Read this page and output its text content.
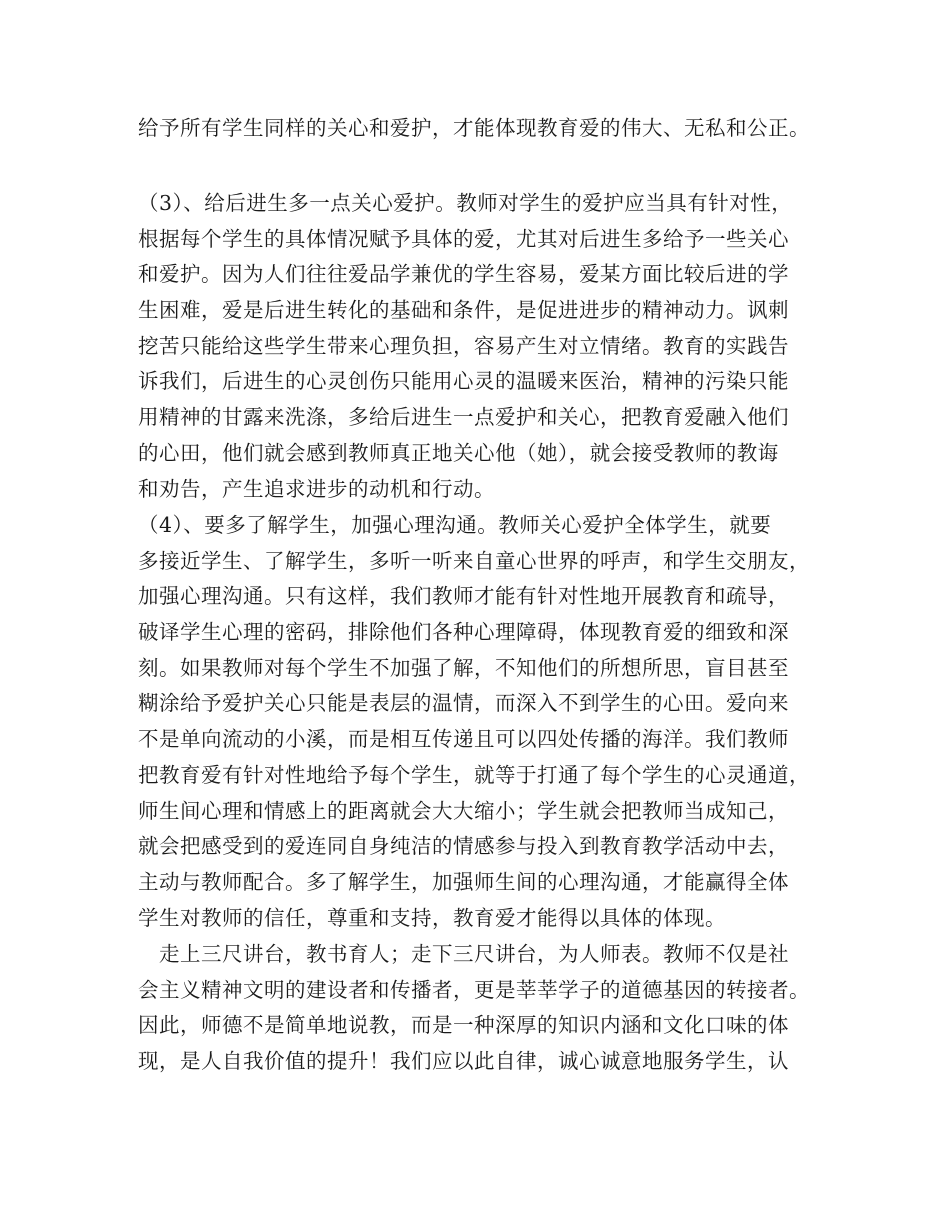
给予所有学生同样的关心和爱护，才能体现教育爱的伟大、无私和公正。
（3）、给后进生多一点关心爱护。教师对学生的爱护应当具有针对性，
根据每个学生的具体情况赋予具体的爱，尤其对后进生多给予一些关心
和爱护。因为人们往往爱品学兼优的学生容易，爱某方面比较后进的学
生困难，爱是后进生转化的基础和条件，是促进进步的精神动力。讽刺
挖苦只能给这些学生带来心理负担，容易产生对立情绪。教育的实践告
诉我们，后进生的心灵创伤只能用心灵的温暖来医治，精神的污染只能
用精神的甘露来洗涤，多给后进生一点爱护和关心，把教育爱融入他们
的心田，他们就会感到教师真正地关心他（她），就会接受教师的教诲
和劝告，产生追求进步的动机和行动。
（4）、要多了解学生，加强心理沟通。教师关心爱护全体学生，就要
多接近学生、了解学生，多听一听来自童心世界的呼声，和学生交朋友，
加强心理沟通。只有这样，我们教师才能有针对性地开展教育和疏导，
破译学生心理的密码，排除他们各种心理障碍，体现教育爱的细致和深
刻。如果教师对每个学生不加强了解，不知他们的所想所思，盲目甚至
糊涂给予爱护关心只能是表层的温情，而深入不到学生的心田。爱向来
不是单向流动的小溪，而是相互传递且可以四处传播的海洋。我们教师
把教育爱有针对性地给予每个学生，就等于打通了每个学生的心灵通道，
师生间心理和情感上的距离就会大大缩小；学生就会把教师当成知己，
就会把感受到的爱连同自身纯洁的情感参与投入到教育教学活动中去，
主动与教师配合。多了解学生，加强师生间的心理沟通，才能赢得全体
学生对教师的信任，尊重和支持，教育爱才能得以具体的体现。
　走上三尺讲台，教书育人；走下三尺讲台，为人师表。教师不仅是社
会主义精神文明的建设者和传播者，更是莘莘学子的道德基因的转接者。
因此，师德不是简单地说教，而是一种深厚的知识内涵和文化口味的体
现，是人自我价值的提升！我们应以此自律，诚心诚意地服务学生，认
